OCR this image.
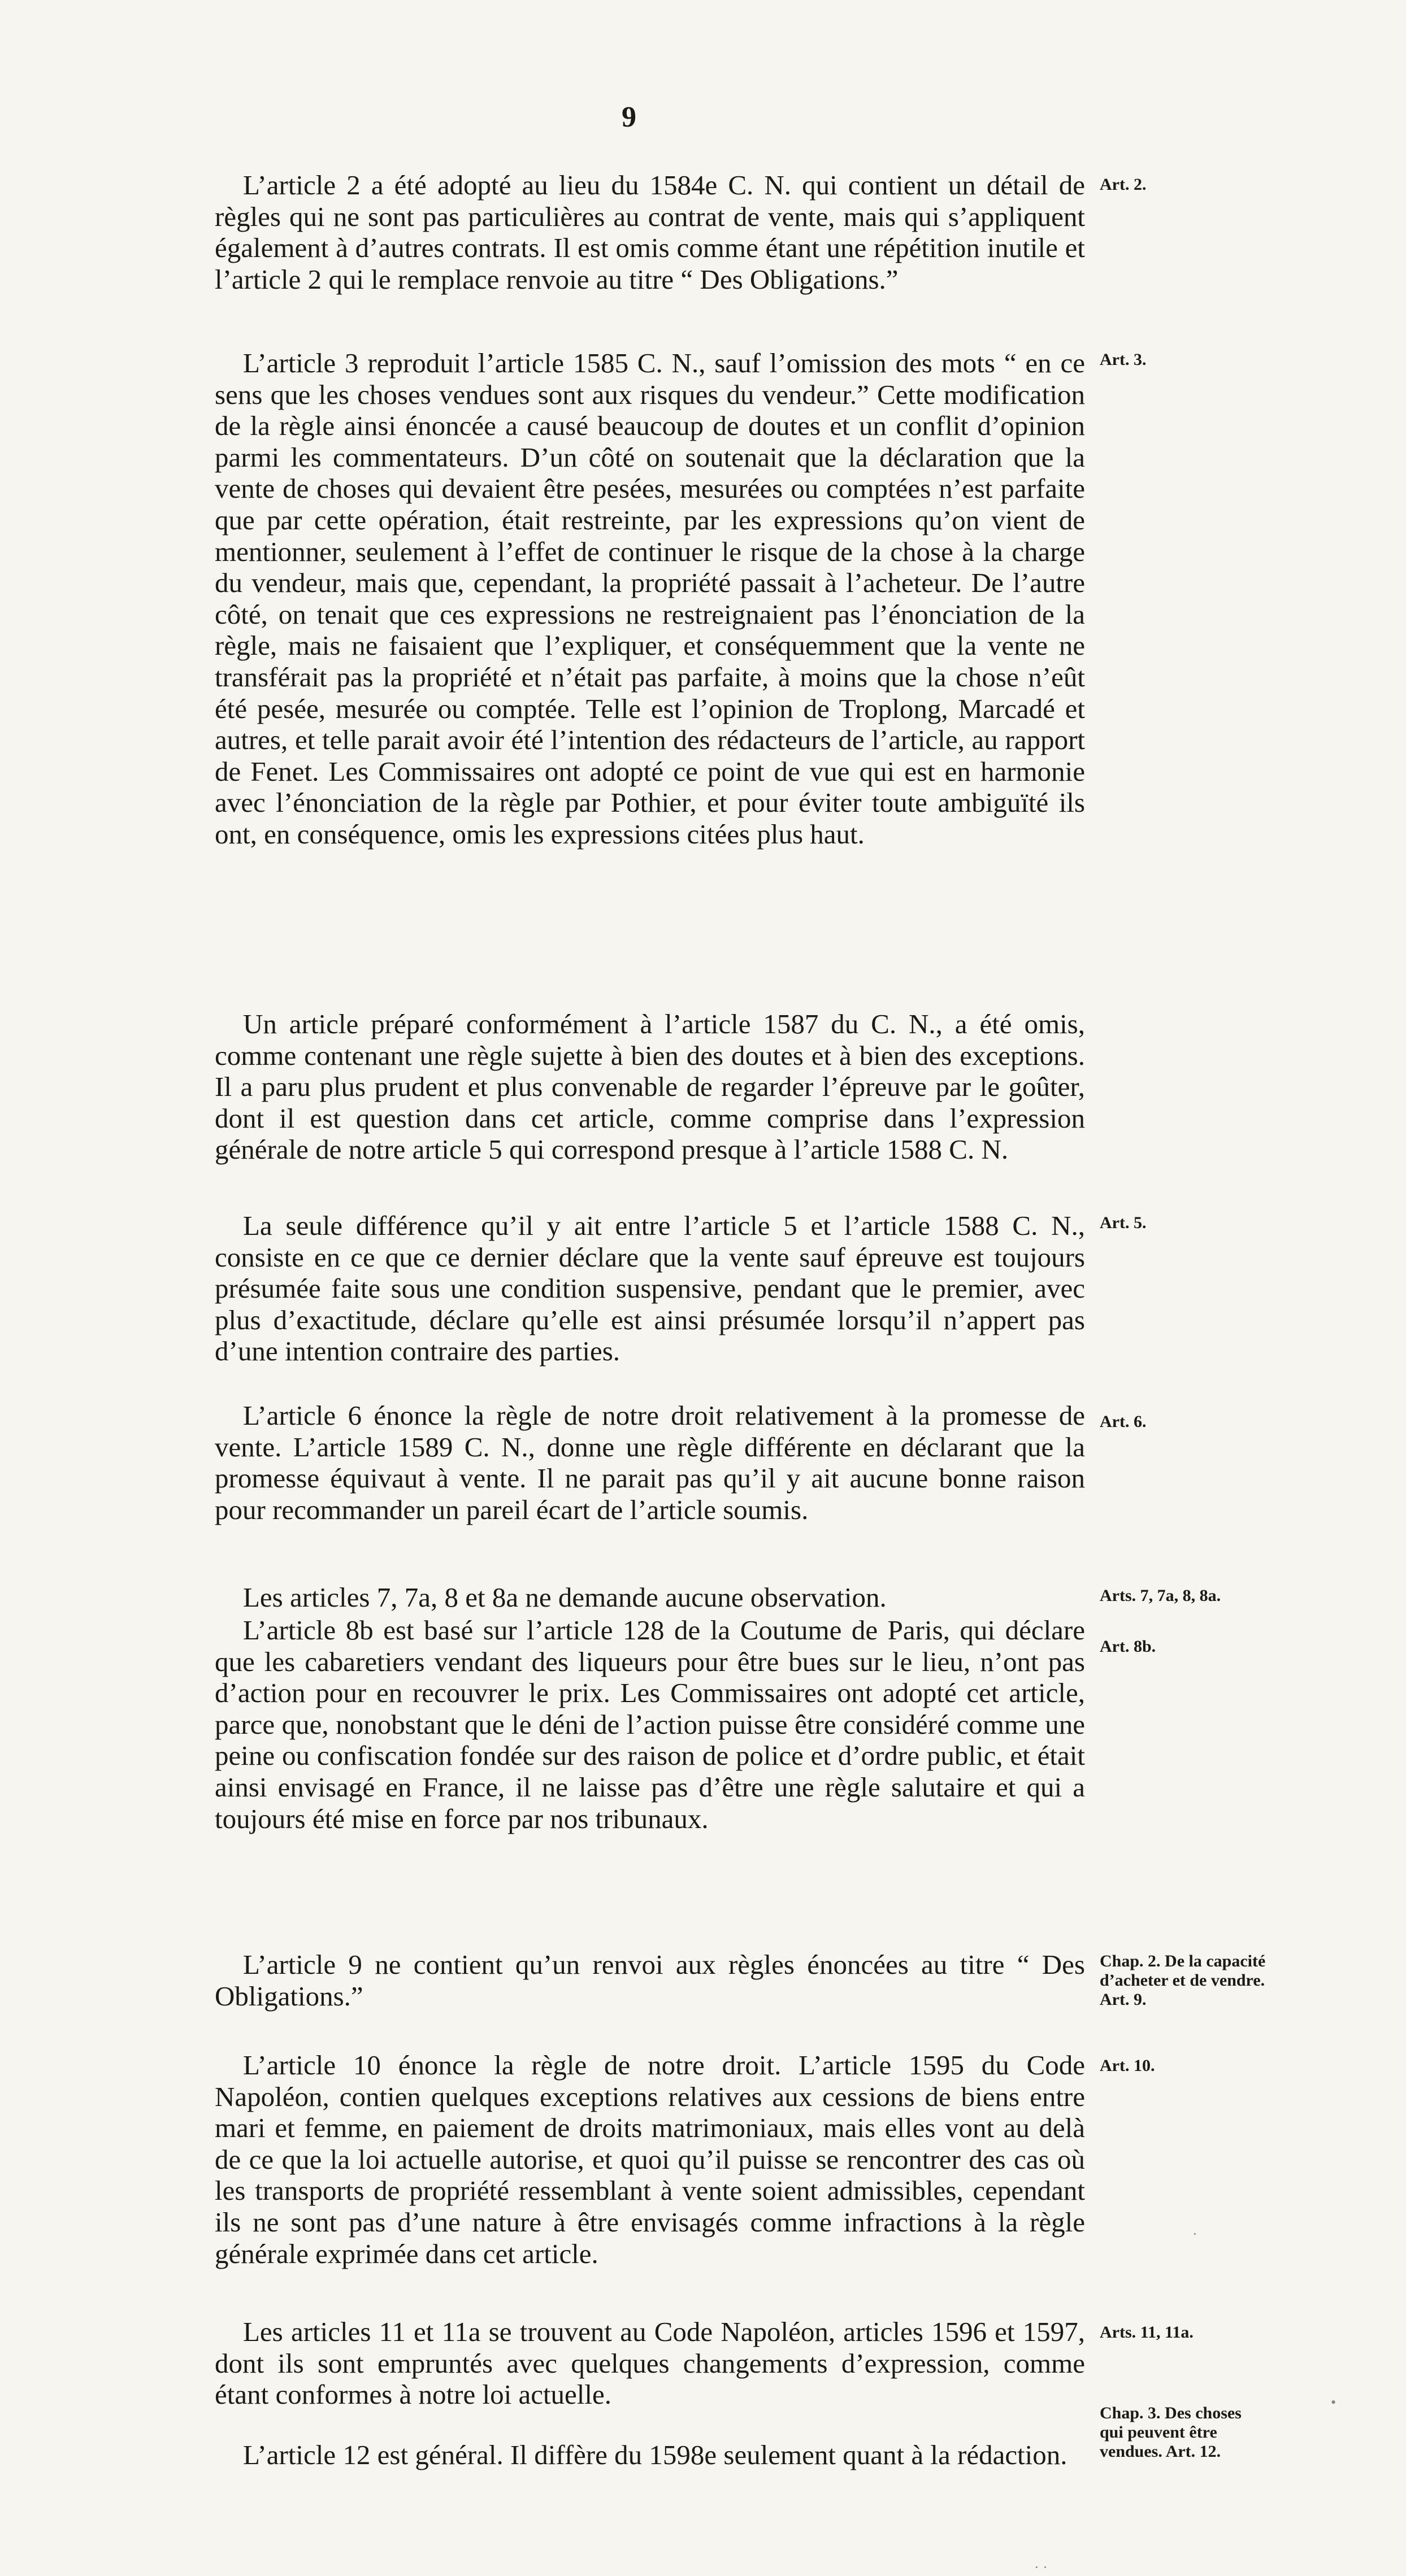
9

L’article 2 a été adopté au lieu du 1584e C. N. qui contient un détail de règles qui ne sont pas particulières au contrat de vente, mais qui s’appliquent également à d’autres contrats. Il est omis comme étant une répétition inutile et l’article 2 qui le remplace renvoie au titre “ Des Obligations.”

L’article 3 reproduit l’article 1585 C. N., sauf l’omission des mots “ en ce sens que les choses vendues sont aux risques du vendeur.” Cette modification de la règle ainsi énoncée a causé beaucoup de doutes et un conflit d’opinion parmi les commentateurs. D’un côté on soutenait que la déclaration que la vente de choses qui devaient être pesées, mesurées ou comptées n’est parfaite que par cette opération, était restreinte, par les expressions qu’on vient de mentionner, seulement à l’effet de continuer le risque de la chose à la charge du vendeur, mais que, cependant, la propriété passait à l’acheteur. De l’autre côté, on tenait que ces expressions ne restreignaient pas l’énonciation de la règle, mais ne faisaient que l’expliquer, et conséquemment que la vente ne transférait pas la propriété et n’était pas parfaite, à moins que la chose n’eût été pesée, mesurée ou comptée. Telle est l’opinion de Troplong, Marcadé et autres, et telle parait avoir été l’intention des rédacteurs de l’article, au rapport de Fenet. Les Commissaires ont adopté ce point de vue qui est en harmonie avec l’énonciation de la règle par Pothier, et pour éviter toute ambiguïté ils ont, en conséquence, omis les expressions citées plus haut.

Un article préparé conformément à l’article 1587 du C. N., a été omis, comme contenant une règle sujette à bien des doutes et à bien des exceptions. Il a paru plus prudent et plus convenable de regarder l’épreuve par le goûter, dont il est question dans cet article, comme comprise dans l’expression générale de notre article 5 qui correspond presque à l’article 1588 C. N.

La seule différence qu’il y ait entre l’article 5 et l’article 1588 C. N., consiste en ce que ce dernier déclare que la vente sauf épreuve est toujours présumée faite sous une condition suspensive, pendant que le premier, avec plus d’exactitude, déclare qu’elle est ainsi présumée lorsqu’il n’appert pas d’une intention contraire des parties.

L’article 6 énonce la règle de notre droit relativement à la promesse de vente. L’article 1589 C. N., donne une règle différente en déclarant que la promesse équivaut à vente. Il ne parait pas qu’il y ait aucune bonne raison pour recommander un pareil écart de l’article soumis.

Les articles 7, 7a, 8 et 8a ne demande aucune observation.

L’article 8b est basé sur l’article 128 de la Coutume de Paris, qui déclare que les cabaretiers vendant des liqueurs pour être bues sur le lieu, n’ont pas d’action pour en recouvrer le prix. Les Commissaires ont adopté cet article, parce que, nonobstant que le déni de l’action puisse être considéré comme une peine ou confiscation fondée sur des raison de police et d’ordre public, et était ainsi envisagé en France, il ne laisse pas d’être une règle salutaire et qui a toujours été mise en force par nos tribunaux.

L’article 9 ne contient qu’un renvoi aux règles énoncées au titre “ Des Obligations.”

L’article 10 énonce la règle de notre droit. L’article 1595 du Code Napoléon, contien quelques exceptions relatives aux cessions de biens entre mari et femme, en paiement de droits matrimoniaux, mais elles vont au delà de ce que la loi actuelle autorise, et quoi qu’il puisse se rencontrer des cas où les transports de propriété ressemblant à vente soient admissibles, cependant ils ne sont pas d’une nature à être envisagés comme infractions à la règle générale exprimée dans cet article.

Les articles 11 et 11a se trouvent au Code Napoléon, articles 1596 et 1597, dont ils sont empruntés avec quelques changements d’expression, comme étant conformes à notre loi actuelle.

L’article 12 est général. Il diffère du 1598e seulement quant à la rédaction.

Art. 2.
Art. 3.
Art. 5.
Art. 6.
Arts. 7, 7a, 8, 8a.
Art. 8b.
Chap. 2. De la capacité d’acheter et de vendre. Art. 9.
Art. 10.
Arts. 11, 11a.
Chap. 3. Des choses qui peuvent être vendues. Art. 12.
•
·
· ·
